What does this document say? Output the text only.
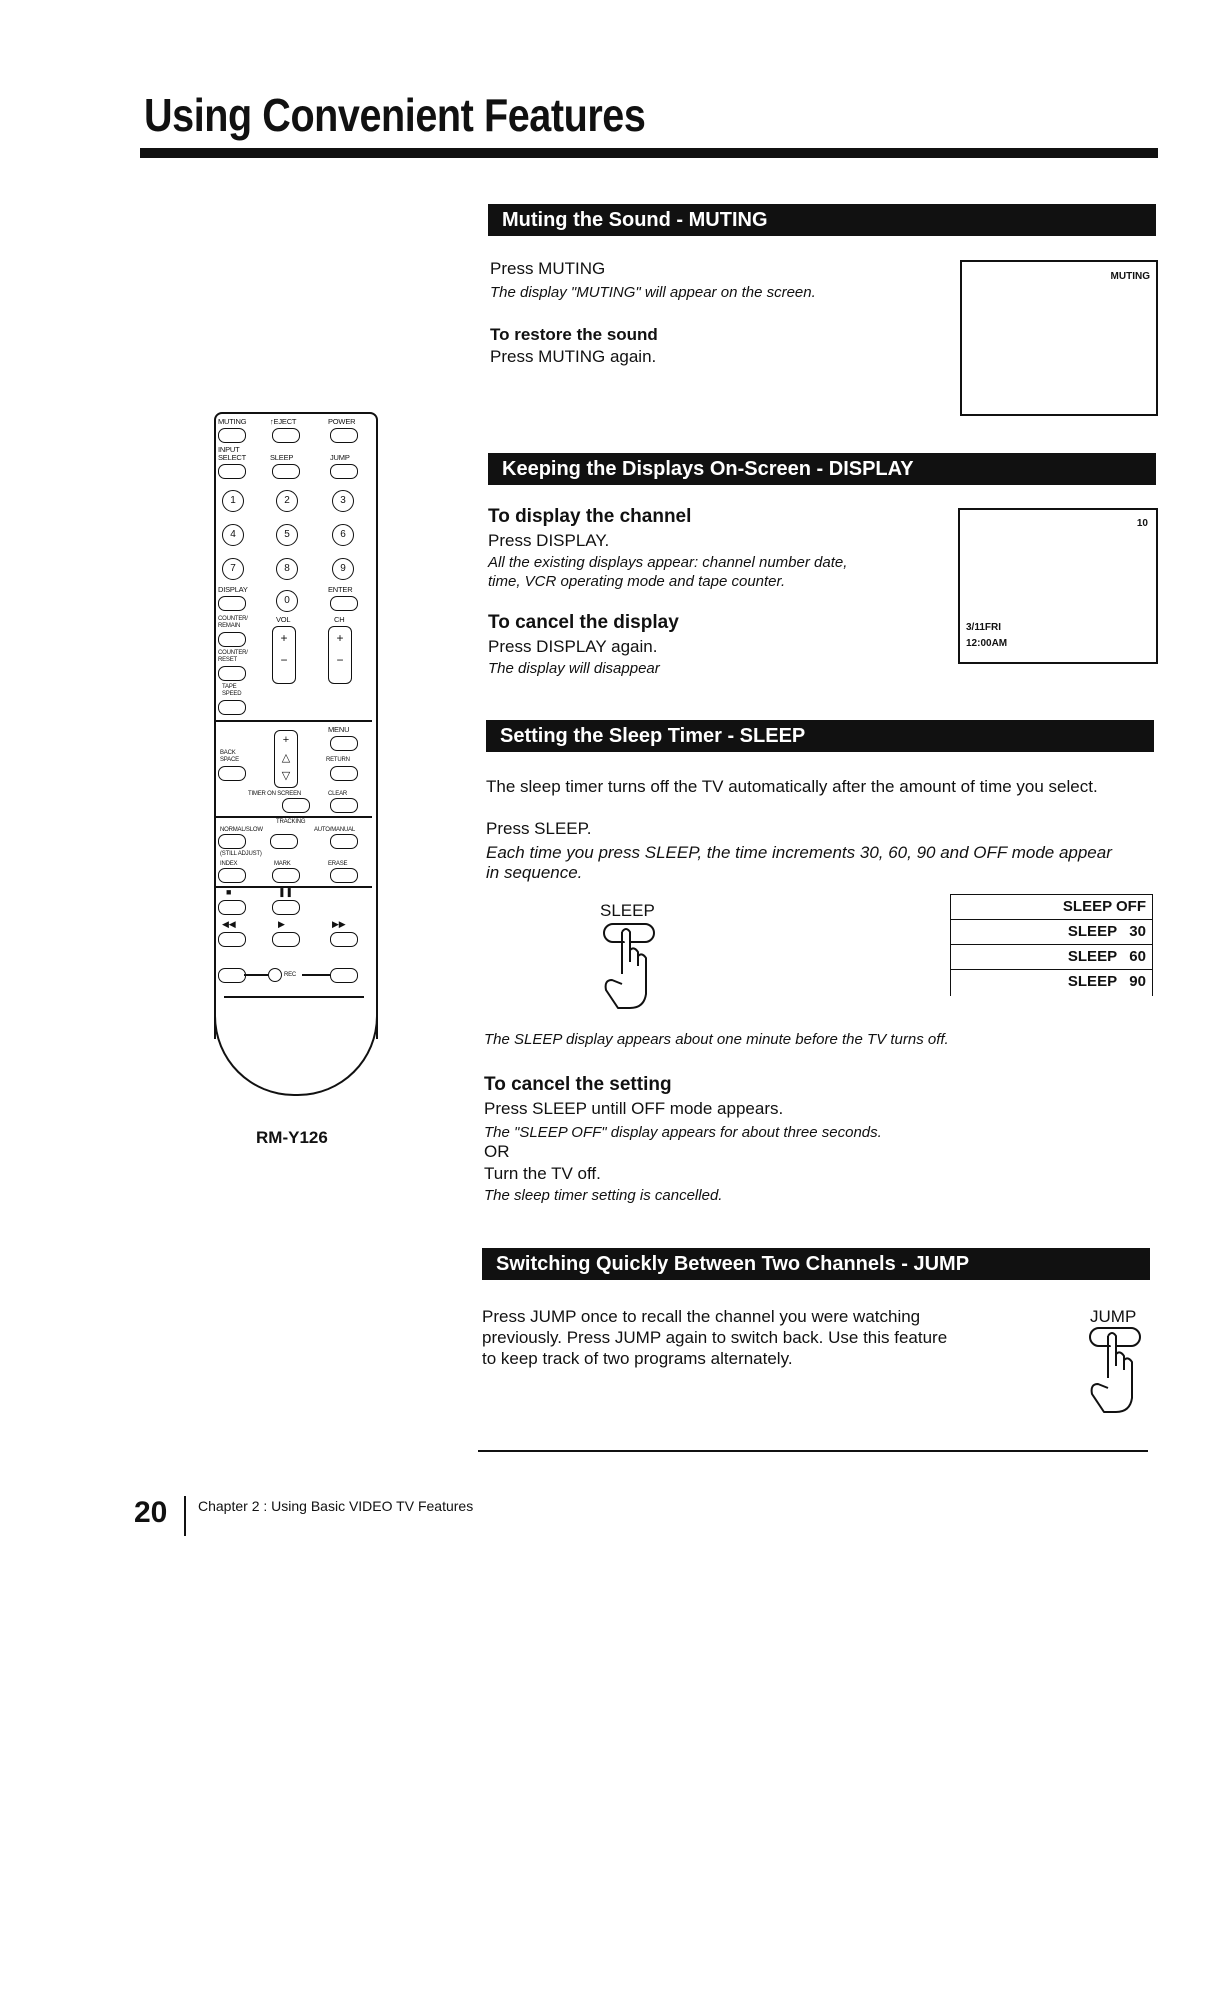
Using Convenient Features
Muting the Sound - MUTING
Press MUTING
The display "MUTING" will appear on the screen.
To restore the sound
Press MUTING again.
MUTING
Keeping the Displays On-Screen - DISPLAY
To display the channel
Press DISPLAY.
All the existing displays appear: channel number date,
time, VCR operating mode and tape counter.
To cancel the display
Press DISPLAY again.
The display will disappear
10
3/11FRI
12:00AM
Setting the Sleep Timer - SLEEP
The sleep timer turns off the TV automatically after the amount of time you select.
Press SLEEP.
Each time you press SLEEP, the time increments 30, 60, 90 and OFF mode appear
in sequence.
SLEEP	SLEEP OFF
SLEEP   30
SLEEP   60
SLEEP   90
The SLEEP display appears about one minute before the TV turns off.
To cancel the setting
Press SLEEP untill OFF mode appears.
The "SLEEP OFF" display appears for about three seconds.
OR
Turn the TV off.
The sleep timer setting is cancelled.
Switching Quickly Between Two Channels - JUMP
Press JUMP once to recall the channel you were watching
previously. Press JUMP again to switch back. Use this feature
to keep track of two programs alternately.
JUMP
MUTING	↑EJECT	POWER
INPUT
SELECT	SLEEP	JUMP
1	2	3
4	5	6
7	8	9
DISPLAY	ENTER
0
COUNTER/
REMAIN
VOL	CH
+
−
+
−
COUNTER/
RESET
TAPE
SPEED
MENU
+
△
▽
BACK
SPACE	RETURN
TIMER ON SCREEN	CLEAR
TRACKING
NORMAL/SLOW	AUTO/MANUAL
(STILL ADJUST)
INDEX	MARK	ERASE
■	❚❚
◀◀	▶	▶▶
REC
RM-Y126
20 Chapter 2 : Using Basic VIDEO TV Features
